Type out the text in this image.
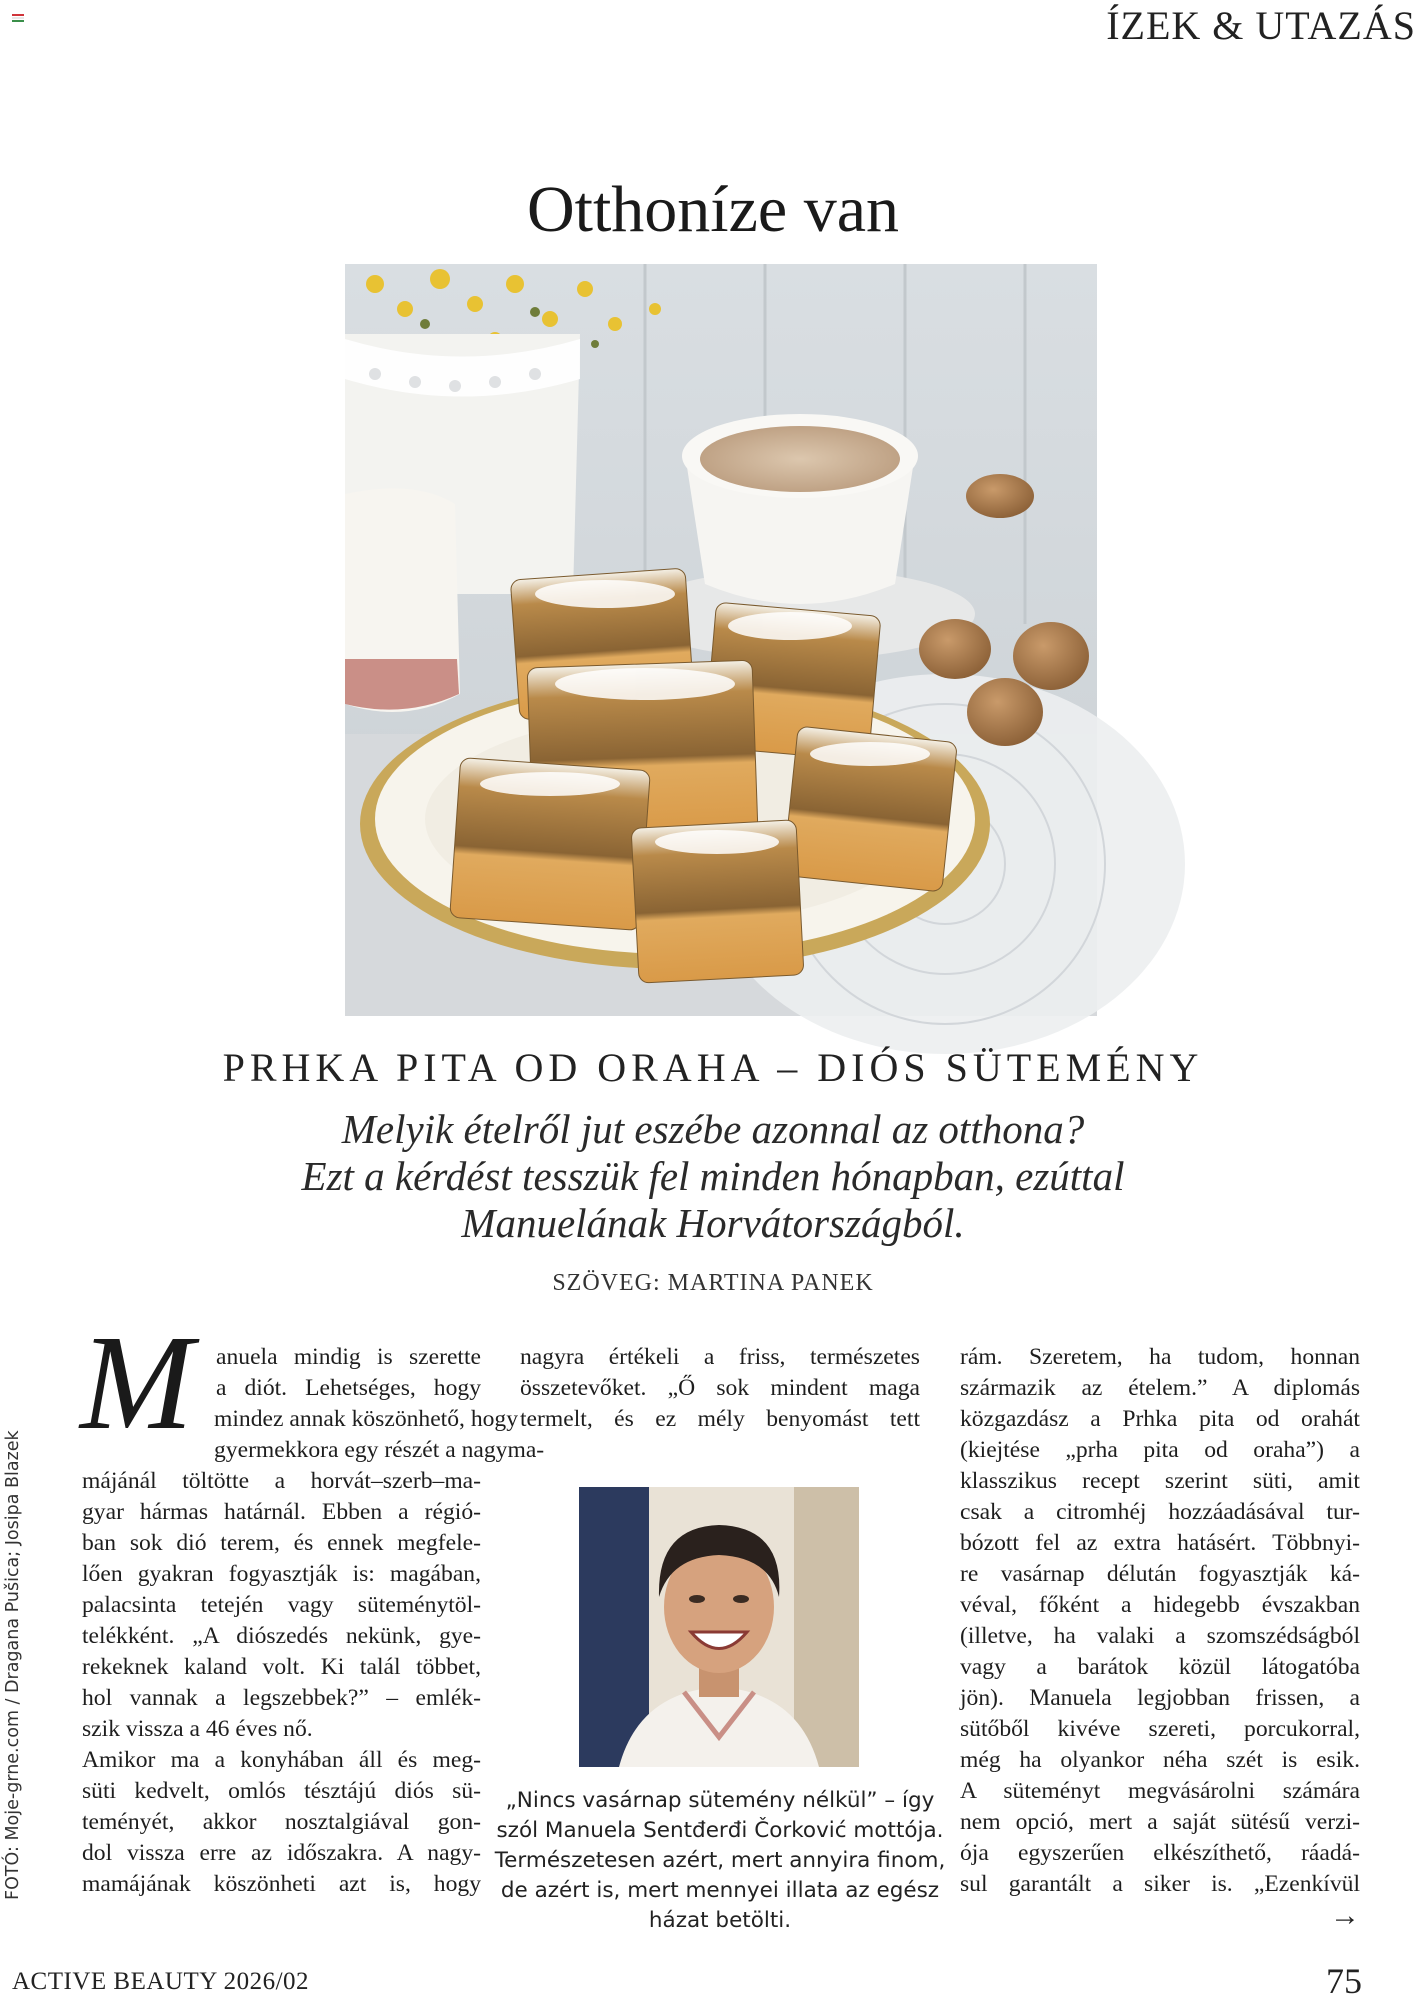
ÍZEK & UTAZÁS
Otthoníze van
PRHKA PITA OD ORAHA – DIÓS SÜTEMÉNY
Melyik ételről jut eszébe azonnal az otthona?
Ezt a kérdést tesszük fel minden hónapban, ezúttal
Manuelának Horvátországból.
SZÖVEG: MARTINA PANEK
M anuela mindig is szerette
a diót. Lehetséges, hogy
mindez annak köszönhető, hogy
gyermekkora egy részét a nagyma-
májánál töltötte a horvát–szerb–ma-
gyar hármas határnál. Ebben a régió-
ban sok dió terem, és ennek megfele-
lően gyakran fogyasztják is: magában,
palacsinta tetején vagy süteménytöl-
telékként. „A diószedés nekünk, gye-
rekeknek kaland volt. Ki talál többet,
hol vannak a legszebbek?” – emlék-
szik vissza a 46 éves nő.
Amikor ma a konyhában áll és meg-
süti kedvelt, omlós tésztájú diós sü-
teményét, akkor nosztalgiával gon-
dol vissza erre az időszakra. A nagy-
mamájának köszönheti azt is, hogy
nagyra értékeli a friss, természetes
összetevőket. „Ő sok mindent maga
termelt, és ez mély benyomást tett
„Nincs vasárnap sütemény nélkül” – így
szól Manuela Sentđerđi Čorković mottója.
Természetesen azért, mert annyira finom,
de azért is, mert mennyei illata az egész
házat betölti.
rám. Szeretem, ha tudom, honnan
származik az ételem.” A diplomás
közgazdász a Prhka pita od orahát
(kiejtése „prha pita od oraha”) a
klasszikus recept szerint süti, amit
csak a citromhéj hozzáadásával tur-
bózott fel az extra hatásért. Többnyi-
re vasárnap délután fogyasztják ká-
véval, főként a hidegebb évszakban
(illetve, ha valaki a szomszédságból
vagy a barátok közül látogatóba
jön). Manuela legjobban frissen, a
sütőből kivéve szereti, porcukorral,
még ha olyankor néha szét is esik.
A süteményt megvásárolni számára
nem opció, mert a saját sütésű verzi-
ója egyszerűen elkészíthető, ráadá-
sul garantált a siker is. „Ezenkívül
→
FOTÓ: Moje-grne.com / Dragana Pušica; Josipa Blazek
ACTIVE BEAUTY 2026/02	75
